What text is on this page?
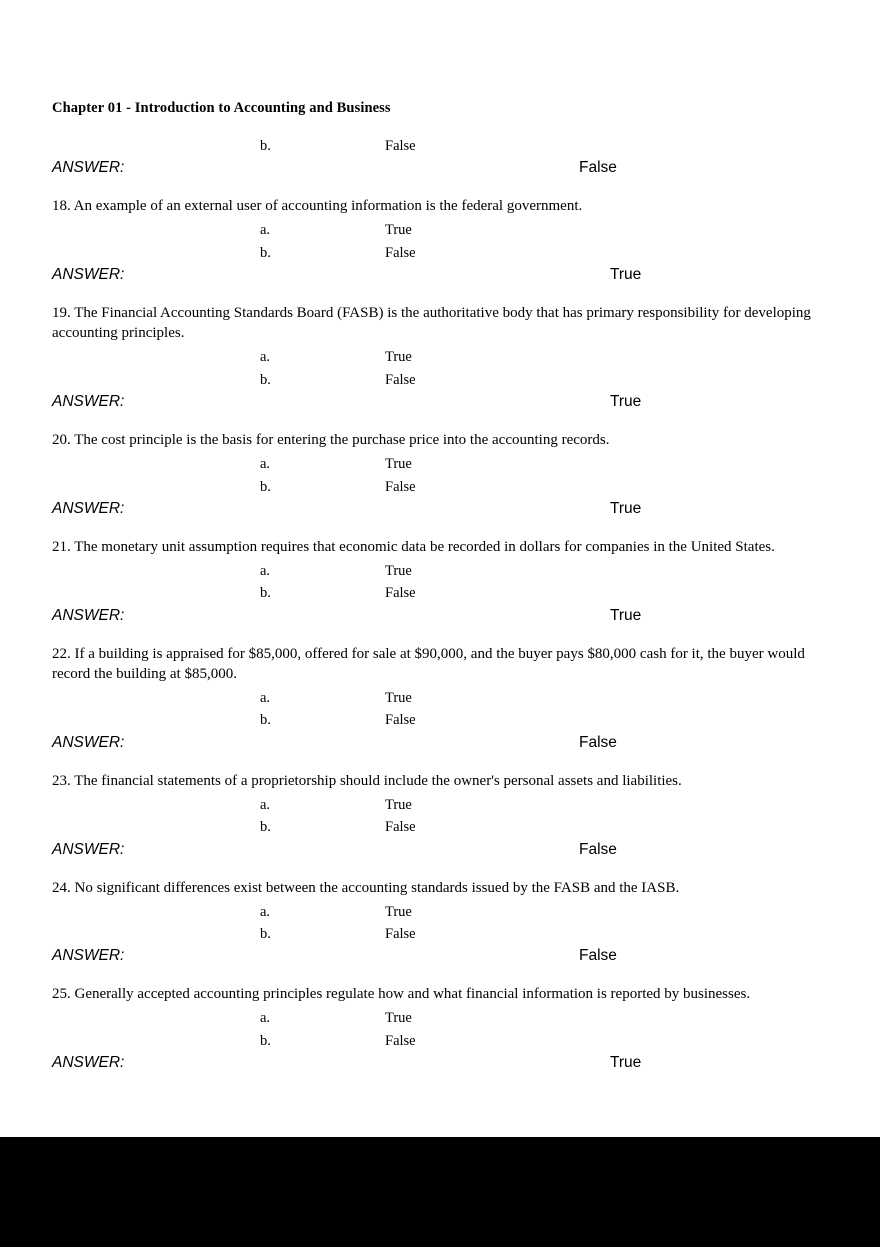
Chapter 01 - Introduction to Accounting and Business
b.	False
ANSWER:	False
18. An example of an external user of accounting information is the federal government.
a.	True
b.	False
ANSWER:	True
19. The Financial Accounting Standards Board (FASB) is the authoritative body that has primary responsibility for developing accounting principles.
a.	True
b.	False
ANSWER:	True
20. The cost principle is the basis for entering the purchase price into the accounting records.
a.	True
b.	False
ANSWER:	True
21. The monetary unit assumption requires that economic data be recorded in dollars for companies in the United States.
a.	True
b.	False
ANSWER:	True
22. If a building is appraised for $85,000, offered for sale at $90,000, and the buyer pays $80,000 cash for it, the buyer would record the building at $85,000.
a.	True
b.	False
ANSWER:	False
23. The financial statements of a proprietorship should include the owner's personal assets and liabilities.
a.	True
b.	False
ANSWER:	False
24. No significant differences exist between the accounting standards issued by the FASB and the IASB.
a.	True
b.	False
ANSWER:	False
25. Generally accepted accounting principles regulate how and what financial information is reported by businesses.
a.	True
b.	False
ANSWER:	True
